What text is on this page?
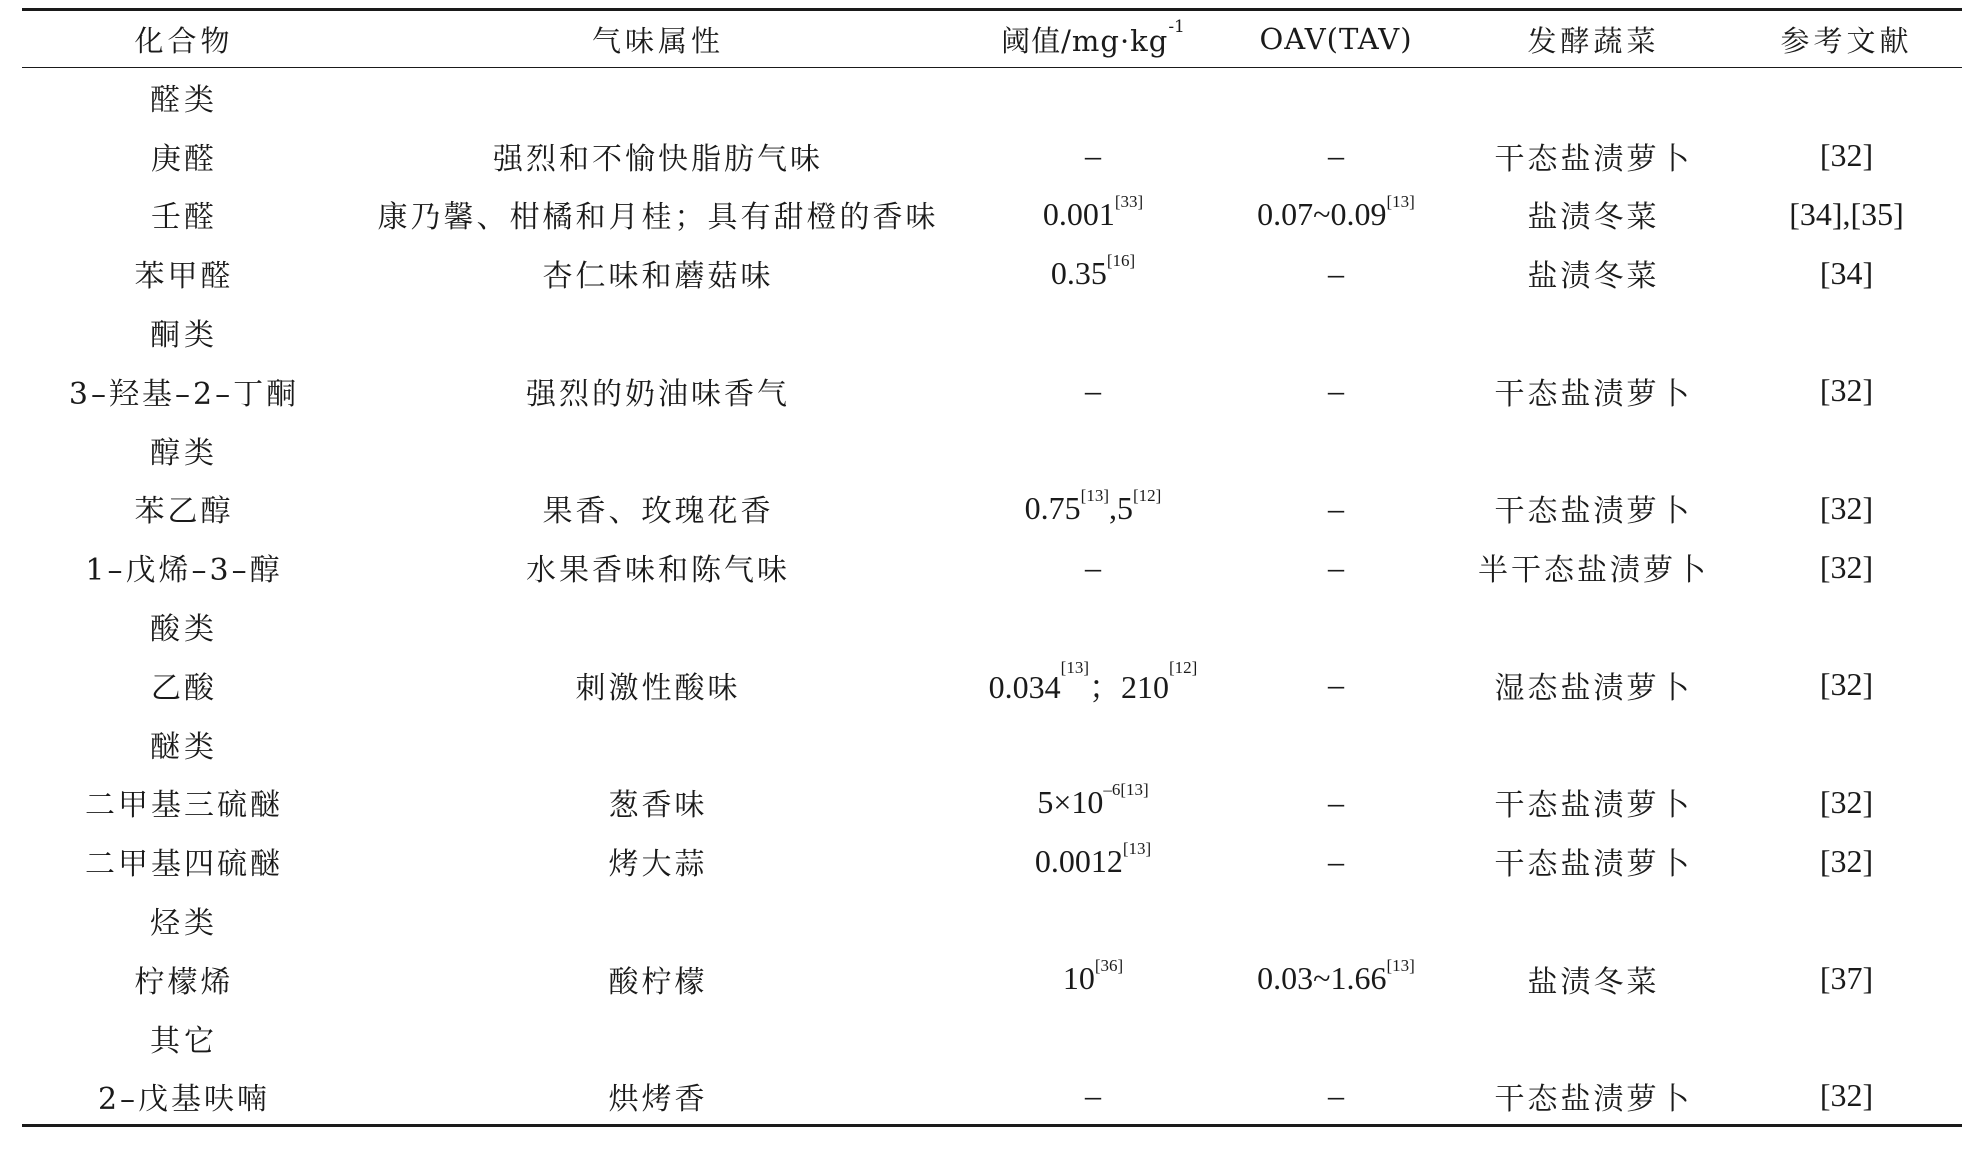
化合物	气味属性	阈值$/mg\cdot kg^{-1}$	OAV(TAV)	发酵蔬菜	参考文献
醛类					
庚醛	强烈和不愉快脂肪气味	–	–	干态盐渍萝卜	[32]
壬醛	康乃馨、柑橘和月桂；具有甜橙的香味	0.001[33]	0.07~0.09[13]	盐渍冬菜	[34],[35]
苯甲醛	杏仁味和蘑菇味	0.35[16]	–	盐渍冬菜	[34]
酮类					
3–羟基–2–丁酮	强烈的奶油味香气	–	–	干态盐渍萝卜	[32]
醇类					
苯乙醇	果香、玫瑰花香	0.75[13],5[12]	–	干态盐渍萝卜	[32]
1–戊烯–3–醇	水果香味和陈气味	–	–	半干态盐渍萝卜	[32]
酸类					
乙酸	刺激性酸味	0.034[13]；210[12]	–	湿态盐渍萝卜	[32]
醚类					
二甲基三硫醚	葱香味	$5\times 10^{-6[13]}$	–	干态盐渍萝卜	[32]
二甲基四硫醚	烤大蒜	0.0012[13]	–	干态盐渍萝卜	[32]
烃类					
柠檬烯	酸柠檬	10[36]	0.03~1.66[13]	盐渍冬菜	[37]
其它					
2–戊基呋喃	烘烤香	–	–	干态盐渍萝卜	[32]
